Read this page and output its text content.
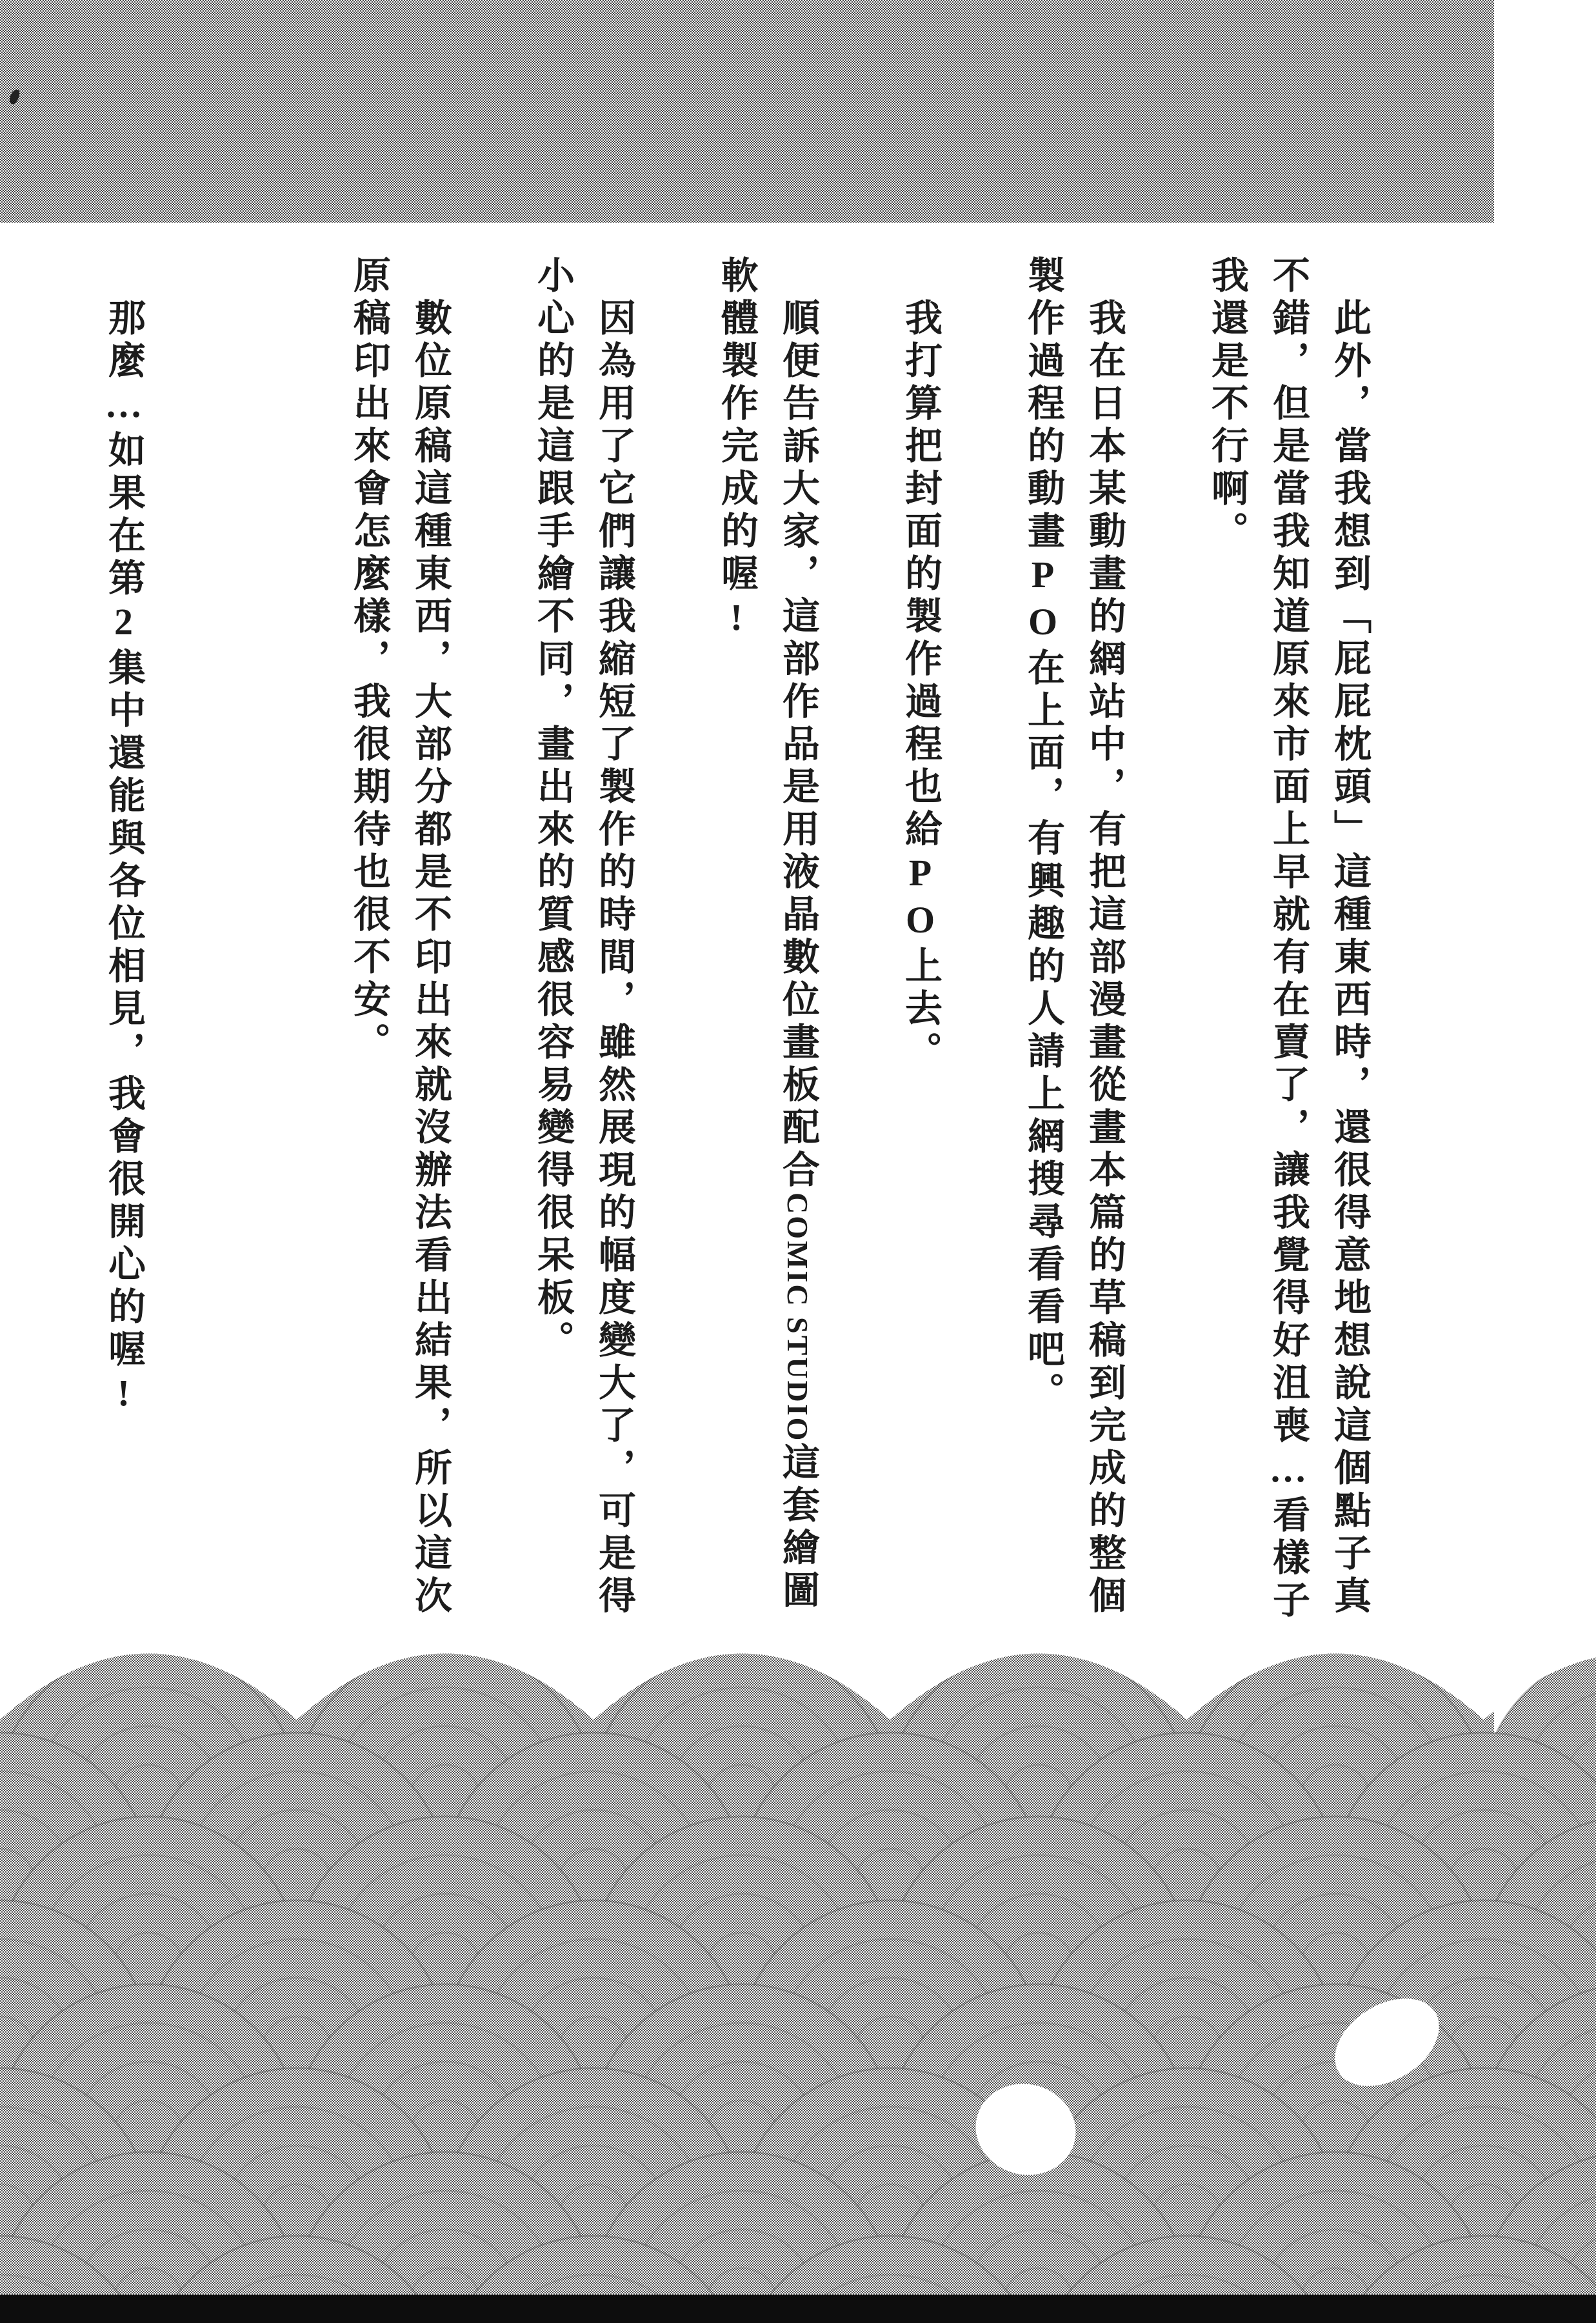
此外，當我想到「屁屁枕頭」這種東西時，還很得意地想說這個點子真
不錯，但是當我知道原來市面上早就有在賣了，讓我覺得好沮喪…看樣子
我還是不行啊。
我在日本某動畫的網站中，有把這部漫畫從畫本篇的草稿到完成的整個
製作過程的動畫PO在上面，有興趣的人請上網搜尋看看吧。
我打算把封面的製作過程也給PO上去。
順便告訴大家，這部作品是用液晶數位畫板配合COMIC STUDIO這套繪圖
軟體製作完成的喔!
因為用了它們讓我縮短了製作的時間，雖然展現的幅度變大了，可是得
小心的是這跟手繪不同，畫出來的質感很容易變得很呆板。
數位原稿這種東西，大部分都是不印出來就沒辦法看出結果，所以這次
原稿印出來會怎麼樣，我很期待也很不安。
那麼…如果在第2集中還能與各位相見，我會很開心的喔!
